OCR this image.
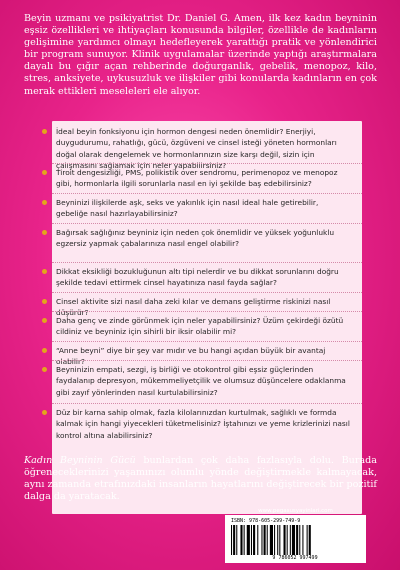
Beyin uzmanı ve psikiyatrist Dr. Daniel G. Amen, ilk kez kadın beyninin eşsiz özellikleri ve ihtiyaçları konusunda bilgiler, özellikle de kadınların gelişimine yardımcı olmayı hedefleyerek yarattığı pratik ve yönlendirici bir program sunuyor. Klinik uygulamalar üzerinde yaptığı araştırmalara dayalı bu çığır açan rehberinde doğurganlık, gebelik, menopoz, kilo, stres, anksiyete, uykusuzluk ve ilişkiler gibi konularda kadınların en çok merak ettikleri meseleleri ele alıyor.

İdeal beyin fonksiyonu için hormon dengesi neden önemlidir? Enerjiyi, duygudurumu, rahatlığı, gücü, özgüveni ve cinsel isteği yöneten hormonları doğal olarak dengelemek ve hormonlarınızın size karşı değil, sizin için çalışmasını sağlamak için neler yapabilirsiniz?
Tiroit dengesizliği, PMS, polikistik over sendromu, perimenopoz ve menopoz gibi, hormonlarla ilgili sorunlarla nasıl en iyi şekilde baş edebilirsiniz?
Beyninizi ilişkilerde aşk, seks ve yakınlık için nasıl ideal hale getirebilir, gebeliğe nasıl hazırlayabilirsiniz?
Bağırsak sağlığınız beyniniz için neden çok önemlidir ve yüksek yoğunluklu egzersiz yapmak çabalarınıza nasıl engel olabilir?
Dikkat eksikliği bozukluğunun altı tipi nelerdir ve bu dikkat sorunlarını doğru şekilde tedavi ettirmek cinsel hayatınıza nasıl fayda sağlar?
Cinsel aktivite sizi nasıl daha zeki kılar ve demans geliştirme riskinizi nasıl düşürür?
Daha genç ve zinde görünmek için neler yapabilirsiniz? Üzüm çekirdeği özütü cildiniz ve beyniniz için sihirli bir iksir olabilir mi?
“Anne beyni” diye bir şey var mıdır ve bu hangi açıdan büyük bir avantaj olabilir?
Beyninizin empati, sezgi, iş birliği ve otokontrol gibi eşsiz güçlerinden faydalanıp depresyon, mükemmeliyetçilik ve olumsuz düşüncelere odaklanma gibi zayıf yönlerinden nasıl kurtulabilirsiniz?
Düz bir karna sahip olmak, fazla kilolarınızdan kurtulmak, sağlıklı ve formda kalmak için hangi yiyecekleri tüketmelisiniz? İştahınızı ve yeme krizlerinizi nasıl kontrol altına alabilirsiniz?

Kadın Beyninin Gücü bunlardan çok daha fazlasıyla dolu. Burada öğreneceklerinizi yaşamınızı olumlu yönde değiştirmekle kalmayacak, aynı zamanda etrafınızdaki insanların hayatlarını değiştirecek bir pozitif dalga da yaratacak.

www.pegasusyayinlari.com
ISBN: 978-605-299-749-9
9 786052 997499
